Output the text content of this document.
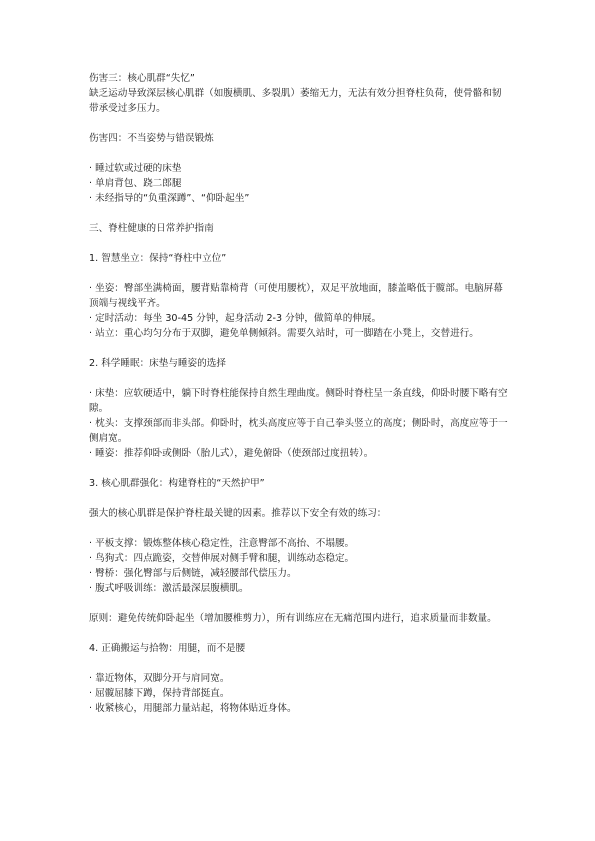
伤害三：核心肌群“失忆”

缺乏运动导致深层核心肌群（如腹横肌、多裂肌）萎缩无力，无法有效分担脊柱负荷，使骨骼和韧带承受过多压力。

伤害四：不当姿势与错误锻炼

· 睡过软或过硬的床垫
· 单肩背包、跷二郎腿
· 未经指导的“负重深蹲”、“仰卧起坐”

三、脊柱健康的日常养护指南

1. 智慧坐立：保持“脊柱中立位”

· 坐姿：臀部坐满椅面，腰背贴靠椅背（可使用腰枕），双足平放地面，膝盖略低于髋部。电脑屏幕顶端与视线平齐。
· 定时活动：每坐 30-45 分钟，起身活动 2-3 分钟，做简单的伸展。
· 站立：重心均匀分布于双脚，避免单侧倾斜。需要久站时，可一脚踏在小凳上，交替进行。

2. 科学睡眠：床垫与睡姿的选择

· 床垫：应软硬适中，躺下时脊柱能保持自然生理曲度。侧卧时脊柱呈一条直线，仰卧时腰下略有空隙。
· 枕头：支撑颈部而非头部。仰卧时，枕头高度应等于自己拳头竖立的高度；侧卧时，高度应等于一侧肩宽。
· 睡姿：推荐仰卧或侧卧（胎儿式），避免俯卧（使颈部过度扭转）。

3. 核心肌群强化：构建脊柱的“天然护甲”

强大的核心肌群是保护脊柱最关键的因素。推荐以下安全有效的练习：

· 平板支撑：锻炼整体核心稳定性，注意臀部不高抬、不塌腰。
· 鸟狗式：四点跪姿，交替伸展对侧手臂和腿，训练动态稳定。
· 臀桥：强化臀部与后侧链，减轻腰部代偿压力。
· 腹式呼吸训练：激活最深层腹横肌。

原则：避免传统仰卧起坐（增加腰椎剪力），所有训练应在无痛范围内进行，追求质量而非数量。

4. 正确搬运与拾物：用腿，而不是腰

· 靠近物体，双脚分开与肩同宽。
· 屈髋屈膝下蹲，保持背部挺直。
· 收紧核心，用腿部力量站起，将物体贴近身体。
